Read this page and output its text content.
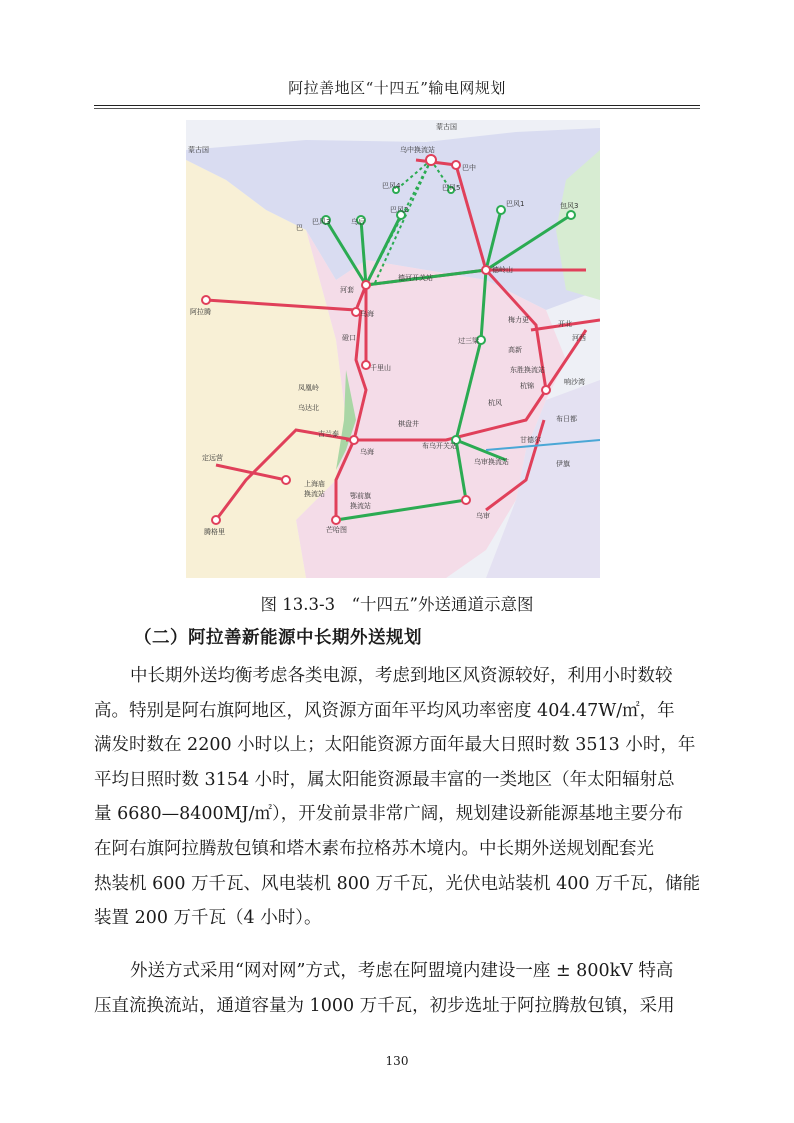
阿拉善地区“十四五”输电网规划
蒙古国
蒙古国	乌中换流站
巴中
巴风4	巴风5
巴风1	包风3
巴风3	乌后
巴风2
河套
德河开关站
德岭山
阿拉腾	乌海
磴口
千里山
梅力更
过三梁
开北
河西
高新
东胜换流站
杭锦	响沙湾
凤凰岭
乌达北
杭风
布日都
棋盘井
吉兰泰
乌海
布乌开关站
甘德尔
伊旗
定远营	乌审换流站
上海庙
换流站	鄂前旗
换流站
腾格里	芒哈图
乌审
巴
图 13.3-3　“十四五”外送通道示意图
（二）阿拉善新能源中长期外送规划
中长期外送均衡考虑各类电源，考虑到地区风资源较好，利用小时数较
高。特别是阿右旗阿地区，风资源方面年平均风功率密度 404.47W/㎡，年
满发时数在 2200 小时以上；太阳能资源方面年最大日照时数 3513 小时，年
平均日照时数 3154 小时，属太阳能资源最丰富的一类地区（年太阳辐射总
量 6680—8400MJ/㎡），开发前景非常广阔，规划建设新能源基地主要分布
在阿右旗阿拉腾敖包镇和塔木素布拉格苏木境内。中长期外送规划配套光
热装机 600 万千瓦、风电装机 800 万千瓦，光伏电站装机 400 万千瓦，储能
装置 200 万千瓦（4 小时）。
外送方式采用“网对网”方式，考虑在阿盟境内建设一座 ± 800kV 特高
压直流换流站，通道容量为 1000 万千瓦，初步选址于阿拉腾敖包镇，采用
130
